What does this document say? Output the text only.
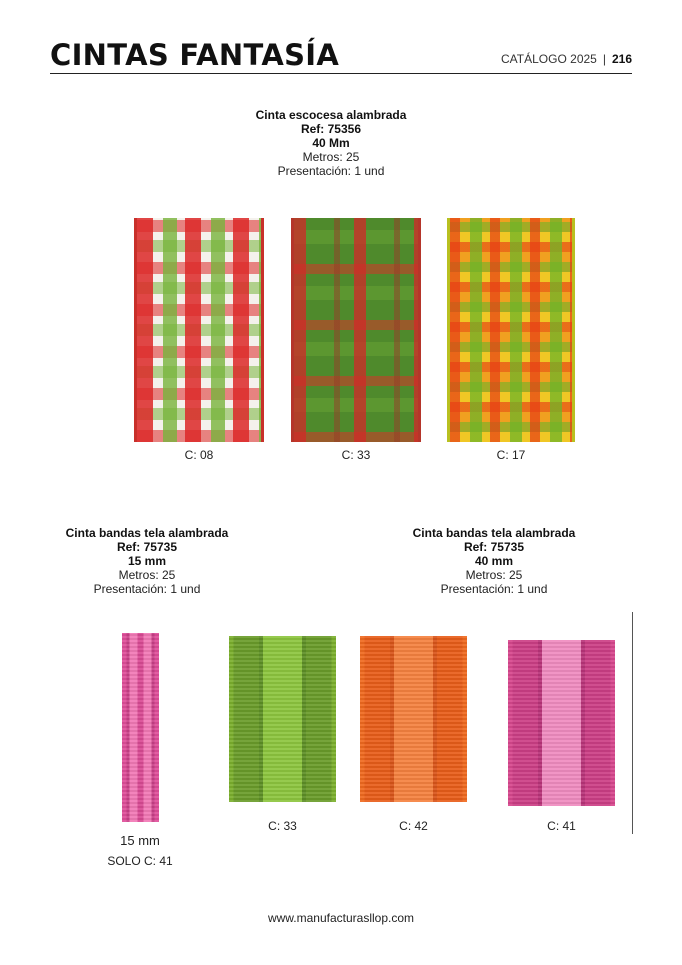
CINTAS FANTASÍA	CATÁLOGO 2025 | 216
Cinta escocesa alambrada
Ref: 75356
40 Mm
Metros: 25
Presentación: 1 und
C: 08	C: 33	C: 17
Cinta bandas tela alambrada
Ref: 75735
15 mm
Metros: 25
Presentación: 1 und
Cinta bandas tela alambrada
Ref: 75735
40 mm
Metros: 25
Presentación: 1 und
15 mm
SOLO C: 41
C: 33	C: 42	C: 41
www.manufacturasllop.com
